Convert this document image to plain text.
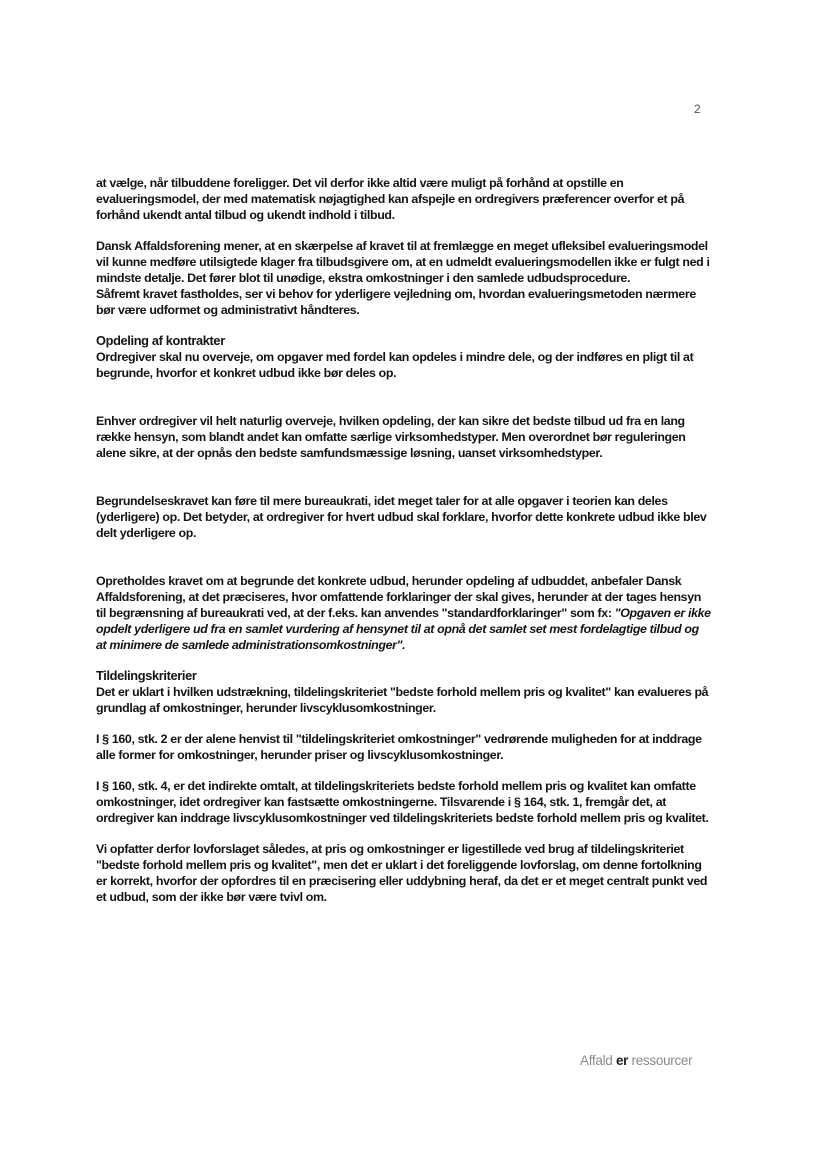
2

at vælge, når tilbuddene foreligger. Det vil derfor ikke altid være muligt på forhånd at opstille en evalueringsmodel, der med matematisk nøjagtighed kan afspejle en ordregivers præferencer overfor et på forhånd ukendt antal tilbud og ukendt indhold i tilbud.

Dansk Affaldsforening mener, at en skærpelse af kravet til at fremlægge en meget ufleksibel evalueringsmodel vil kunne medføre utilsigtede klager fra tilbudsgivere om, at en udmeldt evalueringsmodellen ikke er fulgt ned i mindste detalje. Det fører blot til unødige, ekstra omkostninger i den samlede udbudsprocedure.

Såfremt kravet fastholdes, ser vi behov for yderligere vejledning om, hvordan evalueringsmetoden nærmere bør være udformet og administrativt håndteres.

Opdeling af kontrakter

Ordregiver skal nu overveje, om opgaver med fordel kan opdeles i mindre dele, og der indføres en pligt til at begrunde, hvorfor et konkret udbud ikke bør deles op.

Enhver ordregiver vil helt naturlig overveje, hvilken opdeling, der kan sikre det bedste tilbud ud fra en lang række hensyn, som blandt andet kan omfatte særlige virksomhedstyper. Men overordnet bør reguleringen alene sikre, at der opnås den bedste samfundsmæssige løsning, uanset virksomhedstyper.

Begrundelseskravet kan føre til mere bureaukrati, idet meget taler for at alle opgaver i teorien kan deles (yderligere) op. Det betyder, at ordregiver for hvert udbud skal forklare, hvorfor dette konkrete udbud ikke blev delt yderligere op.

Opretholdes kravet om at begrunde det konkrete udbud, herunder opdeling af udbuddet, anbefaler Dansk Affaldsforening, at det præciseres, hvor omfattende forklaringer der skal gives, herunder at der tages hensyn til begrænsning af bureaukrati ved, at der f.eks. kan anvendes "standardforklaringer" som fx: "Opgaven er ikke opdelt yderligere ud fra en samlet vurdering af hensynet til at opnå det samlet set mest fordelagtige tilbud og at minimere de samlede administrationsomkostninger".

Tildelingskriterier

Det er uklart i hvilken udstrækning, tildelingskriteriet "bedste forhold mellem pris og kvalitet" kan evalueres på grundlag af omkostninger, herunder livscyklusomkostninger.

I § 160, stk. 2 er der alene henvist til "tildelingskriteriet omkostninger" vedrørende muligheden for at inddrage alle former for omkostninger, herunder priser og livscyklusomkostninger.

I § 160, stk. 4, er det indirekte omtalt, at tildelingskriteriets bedste forhold mellem pris og kvalitet kan omfatte omkostninger, idet ordregiver kan fastsætte omkostningerne. Tilsvarende i § 164, stk. 1, fremgår det, at ordregiver kan inddrage livscyklusomkostninger ved tildelingskriteriets bedste forhold mellem pris og kvalitet.

Vi opfatter derfor lovforslaget således, at pris og omkostninger er ligestillede ved brug af tildelingskriteriet "bedste forhold mellem pris og kvalitet", men det er uklart i det foreliggende lovforslag, om denne fortolkning er korrekt, hvorfor der opfordres til en præcisering eller uddybning heraf, da det er et meget centralt punkt ved et udbud, som der ikke bør være tvivl om.

Affald er ressourcer
